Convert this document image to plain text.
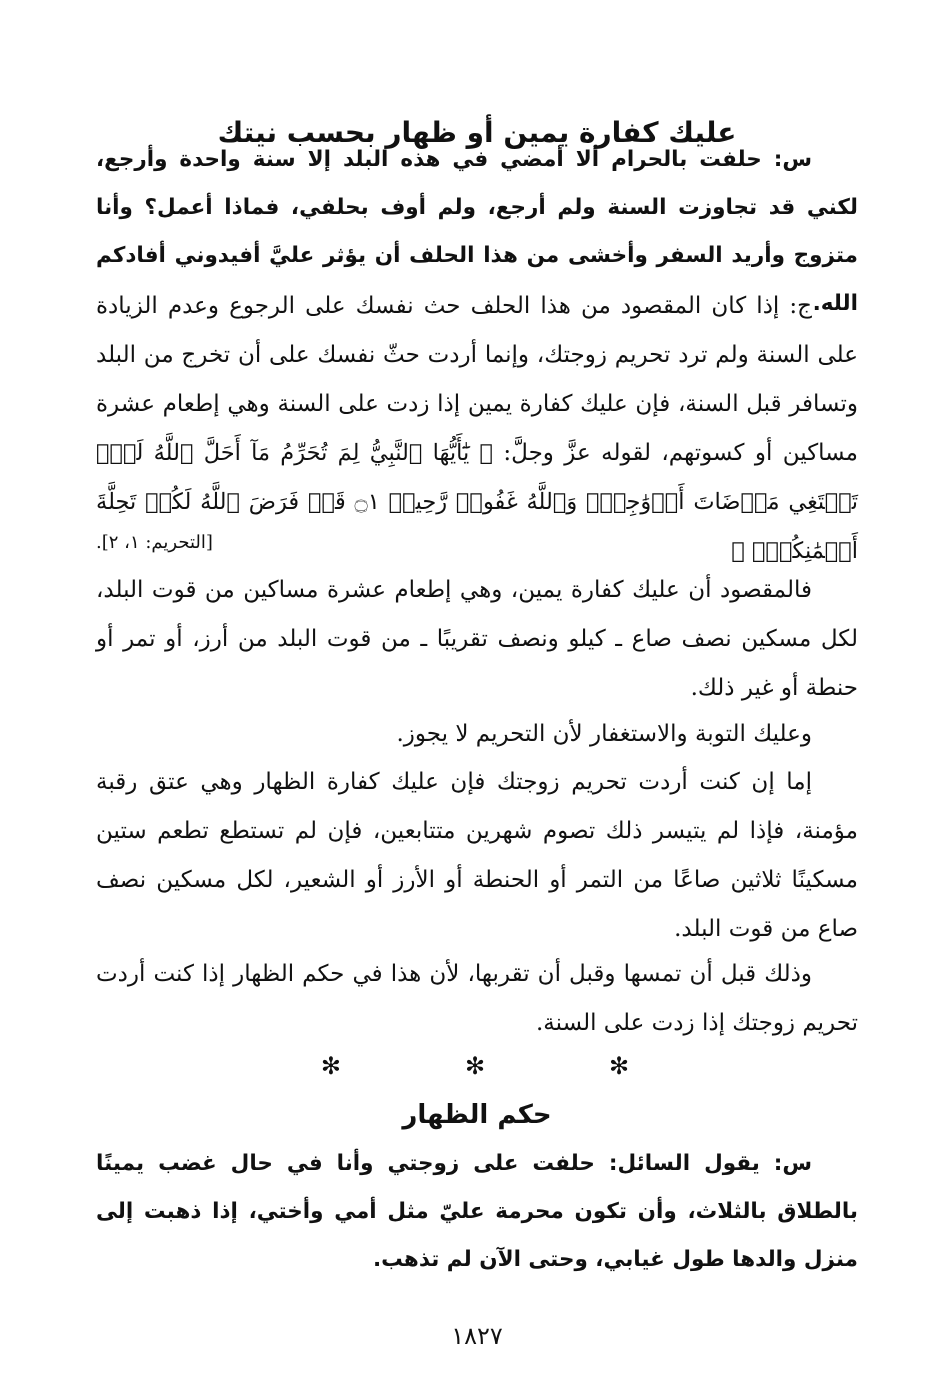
عليك كفارة يمين أو ظهار بحسب نيتك

س: حلفت بالحرام ألا أمضي في هذه البلد إلا سنة واحدة وأرجع، لكني قد تجاوزت السنة ولم أرجع، ولم أوف بحلفي، فماذا أعمل؟ وأنا متزوج وأريد السفر وأخشى من هذا الحلف أن يؤثر عليَّ أفيدوني أفادكم الله.

ج: إذا كان المقصود من هذا الحلف حث نفسك على الرجوع وعدم الزيادة على السنة ولم ترد تحريم زوجتك، وإنما أردت حثّ نفسك على أن تخرج من البلد وتسافر قبل السنة، فإن عليك كفارة يمين إذا زدت على السنة وهي إطعام عشرة مساكين أو كسوتهم، لقوله عزَّ وجلَّ: ﴿ يَٰٓأَيُّهَا ٱلنَّبِيُّ لِمَ تُحَرِّمُ مَآ أَحَلَّ ٱللَّهُ لَكَۖ تَبۡتَغِي مَرۡضَاتَ أَزۡوَٰجِكَۚ وَٱللَّهُ غَفُورٞ رَّحِيمٞ ۝١ قَدۡ فَرَضَ ٱللَّهُ لَكُمۡ تَحِلَّةَ أَيۡمَٰنِكُمۡۚ ﴾

[التحريم: ١، ٢].

فالمقصود أن عليك كفارة يمين، وهي إطعام عشرة مساكين من قوت البلد، لكل مسكين نصف صاع ـ كيلو ونصف تقريبًا ـ من قوت البلد من أرز، أو تمر أو حنطة أو غير ذلك.

وعليك التوبة والاستغفار لأن التحريم لا يجوز.

إما إن كنت أردت تحريم زوجتك فإن عليك كفارة الظهار وهي عتق رقبة مؤمنة، فإذا لم يتيسر ذلك تصوم شهرين متتابعين، فإن لم تستطع تطعم ستين مسكينًا ثلاثين صاعًا من التمر أو الحنطة أو الأرز أو الشعير، لكل مسكين نصف صاع من قوت البلد.

وذلك قبل أن تمسها وقبل أن تقربها، لأن هذا في حكم الظهار إذا كنت أردت تحريم زوجتك إذا زدت على السنة.

✻	✻	✻
حكم الظهار

س: يقول السائل: حلفت على زوجتي وأنا في حال غضب يمينًا بالطلاق بالثلاث، وأن تكون محرمة عليّ مثل أمي وأختي، إذا ذهبت إلى منزل والدها طول غيابي، وحتى الآن لم تذهب.

١٨٢٧
